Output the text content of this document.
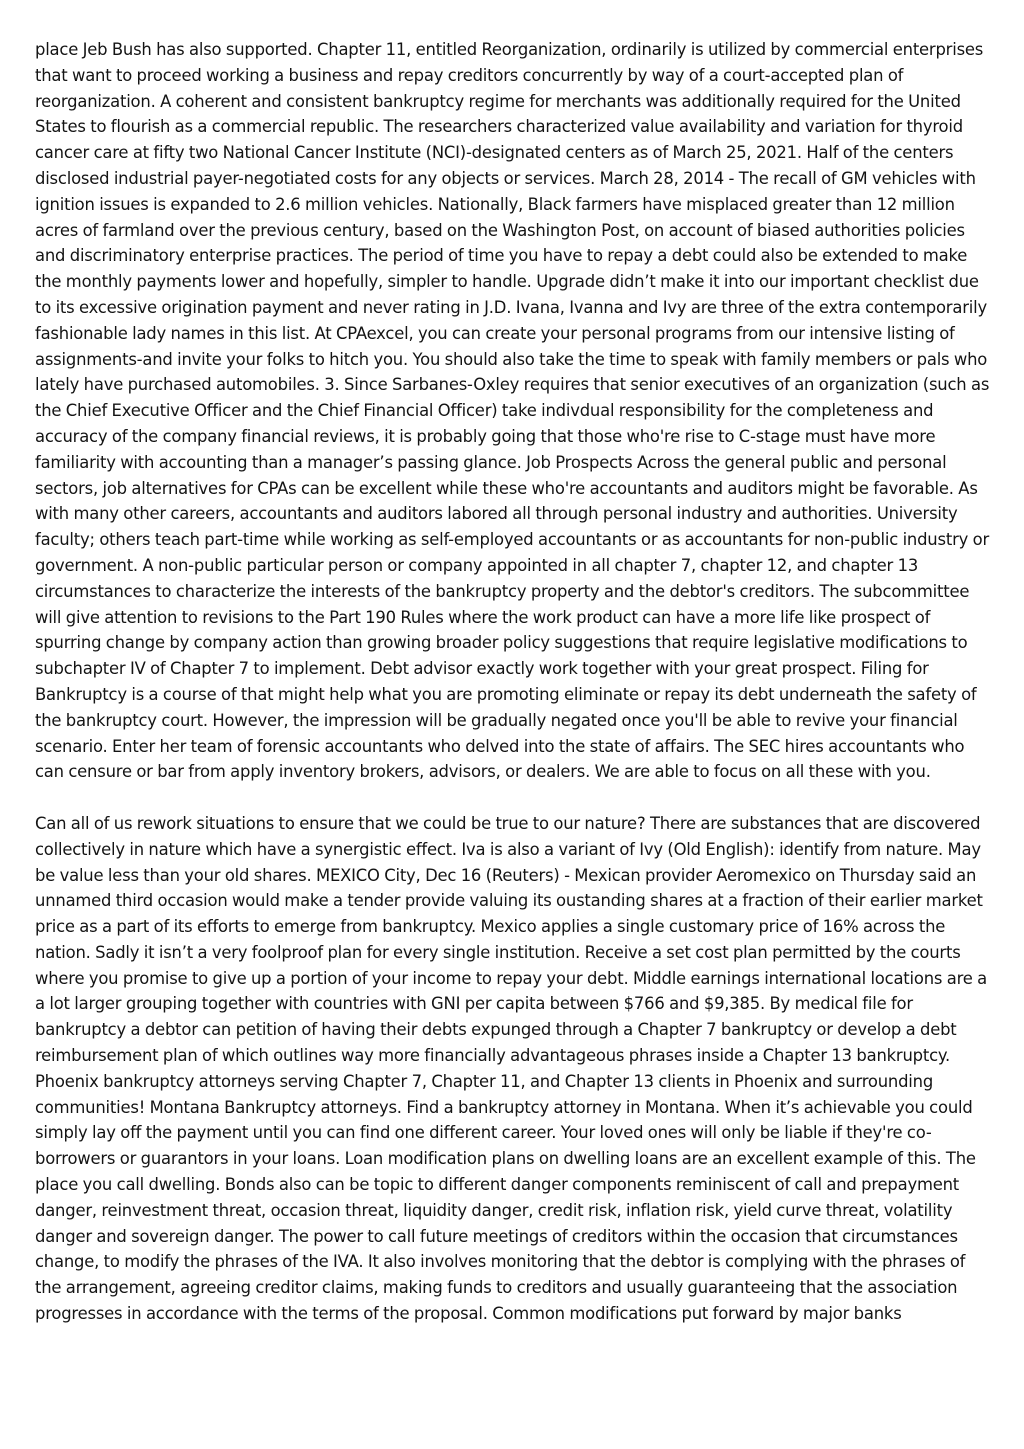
place Jeb Bush has also supported. Chapter 11, entitled Reorganization, ordinarily is utilized by commercial enterprises that want to proceed working a business and repay creditors concurrently by way of a court-accepted plan of reorganization. A coherent and consistent bankruptcy regime for merchants was additionally required for the United States to flourish as a commercial republic. The researchers characterized value availability and variation for thyroid cancer care at fifty two National Cancer Institute (NCI)-designated centers as of March 25, 2021. Half of the centers disclosed industrial payer-negotiated costs for any objects or services. March 28, 2014 - The recall of GM vehicles with ignition issues is expanded to 2.6 million vehicles. Nationally, Black farmers have misplaced greater than 12 million acres of farmland over the previous century, based on the Washington Post, on account of biased authorities policies and discriminatory enterprise practices. The period of time you have to repay a debt could also be extended to make the monthly payments lower and hopefully, simpler to handle. Upgrade didn’t make it into our important checklist due to its excessive origination payment and never rating in J.D. Ivana, Ivanna and Ivy are three of the extra contemporarily fashionable lady names in this list. At CPAexcel, you can create your personal programs from our intensive listing of assignments-and invite your folks to hitch you. You should also take the time to speak with family members or pals who lately have purchased automobiles. 3. Since Sarbanes-Oxley requires that senior executives of an organization (such as the Chief Executive Officer and the Chief Financial Officer) take indivdual responsibility for the completeness and accuracy of the company financial reviews, it is probably going that those who're rise to C-stage must have more familiarity with accounting than a manager’s passing glance. Job Prospects Across the general public and personal sectors, job alternatives for CPAs can be excellent while these who're accountants and auditors might be favorable. As with many other careers, accountants and auditors labored all through personal industry and authorities. University faculty; others teach part-time while working as self-employed accountants or as accountants for non-public industry or government. A non-public particular person or company appointed in all chapter 7, chapter 12, and chapter 13 circumstances to characterize the interests of the bankruptcy property and the debtor's creditors. The subcommittee will give attention to revisions to the Part 190 Rules where the work product can have a more life like prospect of spurring change by company action than growing broader policy suggestions that require legislative modifications to subchapter IV of Chapter 7 to implement. Debt advisor exactly work together with your great prospect. Filing for Bankruptcy is a course of that might help what you are promoting eliminate or repay its debt underneath the safety of the bankruptcy court. However, the impression will be gradually negated once you'll be able to revive your financial scenario. Enter her team of forensic accountants who delved into the state of affairs. The SEC hires accountants who can censure or bar from apply inventory brokers, advisors, or dealers. We are able to focus on all these with you.

Can all of us rework situations to ensure that we could be true to our nature? There are substances that are discovered collectively in nature which have a synergistic effect. Iva is also a variant of Ivy (Old English): identify from nature. May be value less than your old shares. MEXICO City, Dec 16 (Reuters) - Mexican provider Aeromexico on Thursday said an unnamed third occasion would make a tender provide valuing its oustanding shares at a fraction of their earlier market price as a part of its efforts to emerge from bankruptcy. Mexico applies a single customary price of 16% across the nation. Sadly it isn’t a very foolproof plan for every single institution. Receive a set cost plan permitted by the courts where you promise to give up a portion of your income to repay your debt. Middle earnings international locations are a a lot larger grouping together with countries with GNI per capita between $766 and $9,385. By medical file for bankruptcy a debtor can petition of having their debts expunged through a Chapter 7 bankruptcy or develop a debt reimbursement plan of which outlines way more financially advantageous phrases inside a Chapter 13 bankruptcy. Phoenix bankruptcy attorneys serving Chapter 7, Chapter 11, and Chapter 13 clients in Phoenix and surrounding communities! Montana Bankruptcy attorneys. Find a bankruptcy attorney in Montana. When it’s achievable you could simply lay off the payment until you can find one different career. Your loved ones will only be liable if they're co-borrowers or guarantors in your loans. Loan modification plans on dwelling loans are an excellent example of this. The place you call dwelling. Bonds also can be topic to different danger components reminiscent of call and prepayment danger, reinvestment threat, occasion threat, liquidity danger, credit risk, inflation risk, yield curve threat, volatility danger and sovereign danger. The power to call future meetings of creditors within the occasion that circumstances change, to modify the phrases of the IVA. It also involves monitoring that the debtor is complying with the phrases of the arrangement, agreeing creditor claims, making funds to creditors and usually guaranteeing that the association progresses in accordance with the terms of the proposal. Common modifications put forward by major banks
